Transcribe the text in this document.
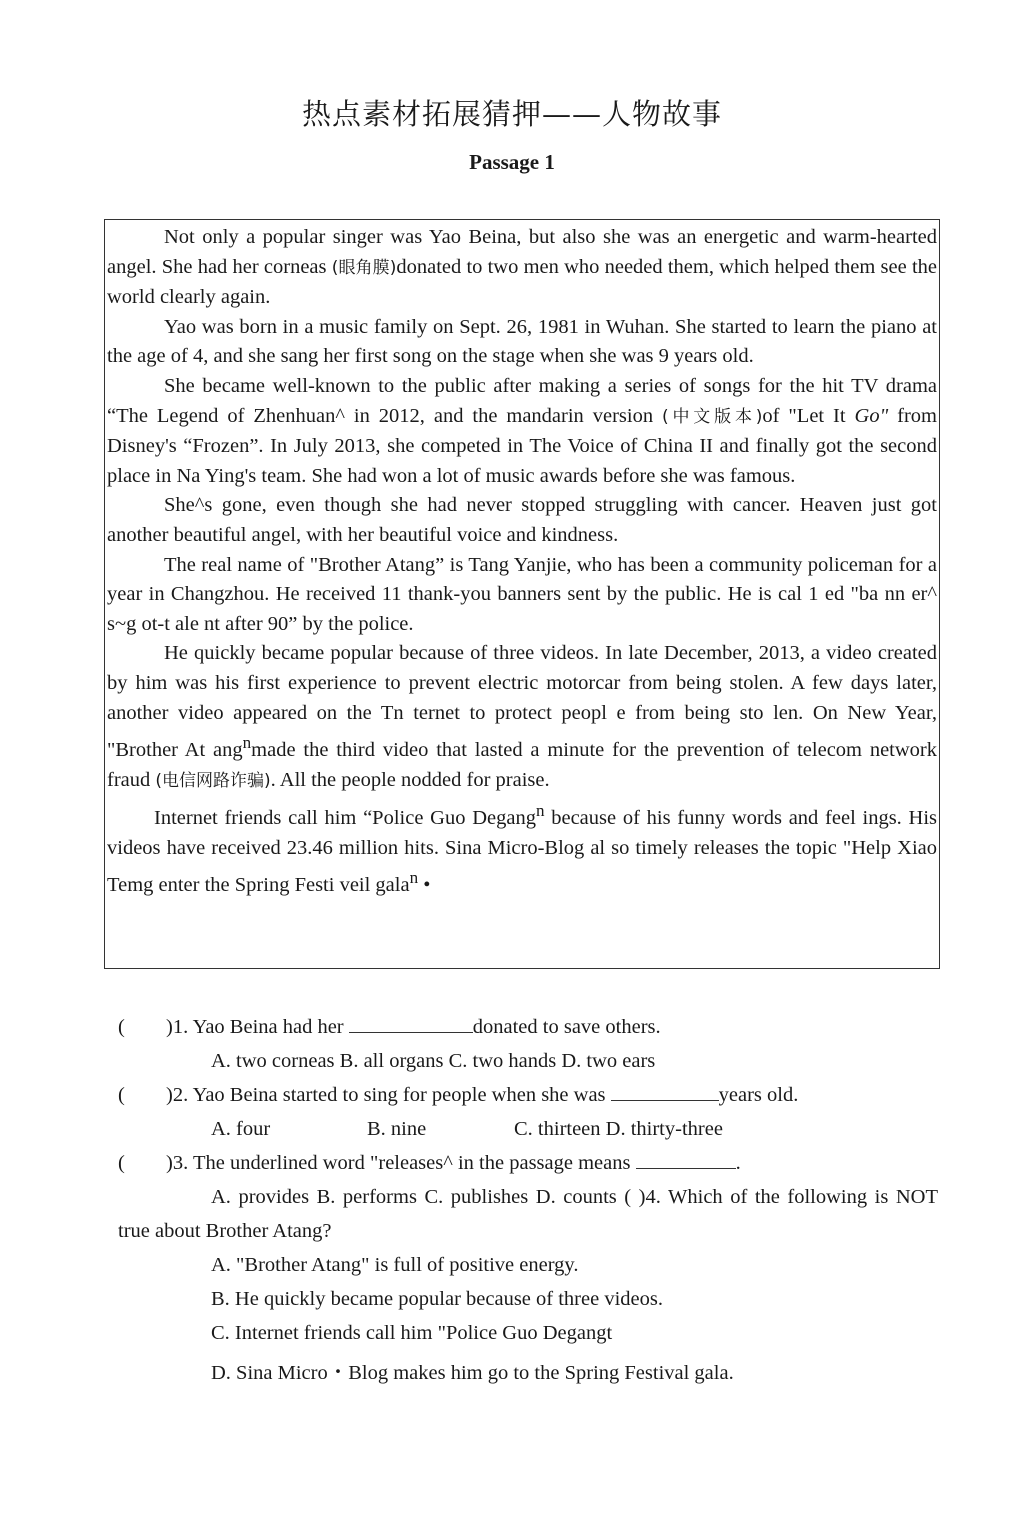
热点素材拓展猜押——人物故事
Passage 1

Not only a popular singer was Yao Beina, but also she was an energetic and warm-hearted angel. She had her corneas (眼角膜)donated to two men who needed them, which helped them see the world clearly again.

Yao was born in a music family on Sept. 26, 1981 in Wuhan. She started to learn the piano at the age of 4, and she sang her first song on the stage when she was 9 years old.

She became well-known to the public after making a series of songs for the hit TV drama “The Legend of Zhenhuan^ in 2012, and the mandarin version (中文版本)of "Let It Go" from Disney's “Frozen”. In July 2013, she competed in The Voice of China II and finally got the second place in Na Ying's team. She had won a lot of music awards before she was famous.

She^s gone, even though she had never stopped struggling with cancer. Heaven just got another beautiful angel, with her beautiful voice and kindness.

The real name of "Brother Atang” is Tang Yanjie, who has been a community policeman for a year in Changzhou. He received 11 thank-you banners sent by the public. He is cal 1 ed "ba nn er^ s~g ot-t ale nt after 90” by the police.

He quickly became popular because of three videos. In late December, 2013, a video created by him was his first experience to prevent electric motorcar from being stolen. A few days later, another video appeared on the Tn ternet to protect peopl e from being sto len. On New Year, "Brother At ang$^n$made the third video that lasted a minute for the prevention of telecom network fraud (电信网路诈骗). All the people nodded for praise.

Internet friends call him “Police Guo Degang$^n$ because of his funny words and feel ings. His videos have received 23.46 million hits. Sina Micro-Blog al so timely releases the topic "Help Xiao Temg enter the Spring Festi veil gala$^n$ •

( )1. Yao Beina had her	donated to save others.
A. two corneas B. all organs C. two hands D. two ears
( )2. Yao Beina started to sing for people when she was	years old.
A. four	B. nine	C. thirteen D. thirty-three
( )3. The underlined word "releases^ in the passage means	.
A. provides B. performs C. publishes D. counts ( )4. Which of the following is NOT true about Brother Atang?
A. "Brother Atang" is full of positive energy.
B. He quickly became popular because of three videos.
C. Internet friends call him "Police Guo Degangt
D. Sina Micro・Blog makes him go to the Spring Festival gala.
